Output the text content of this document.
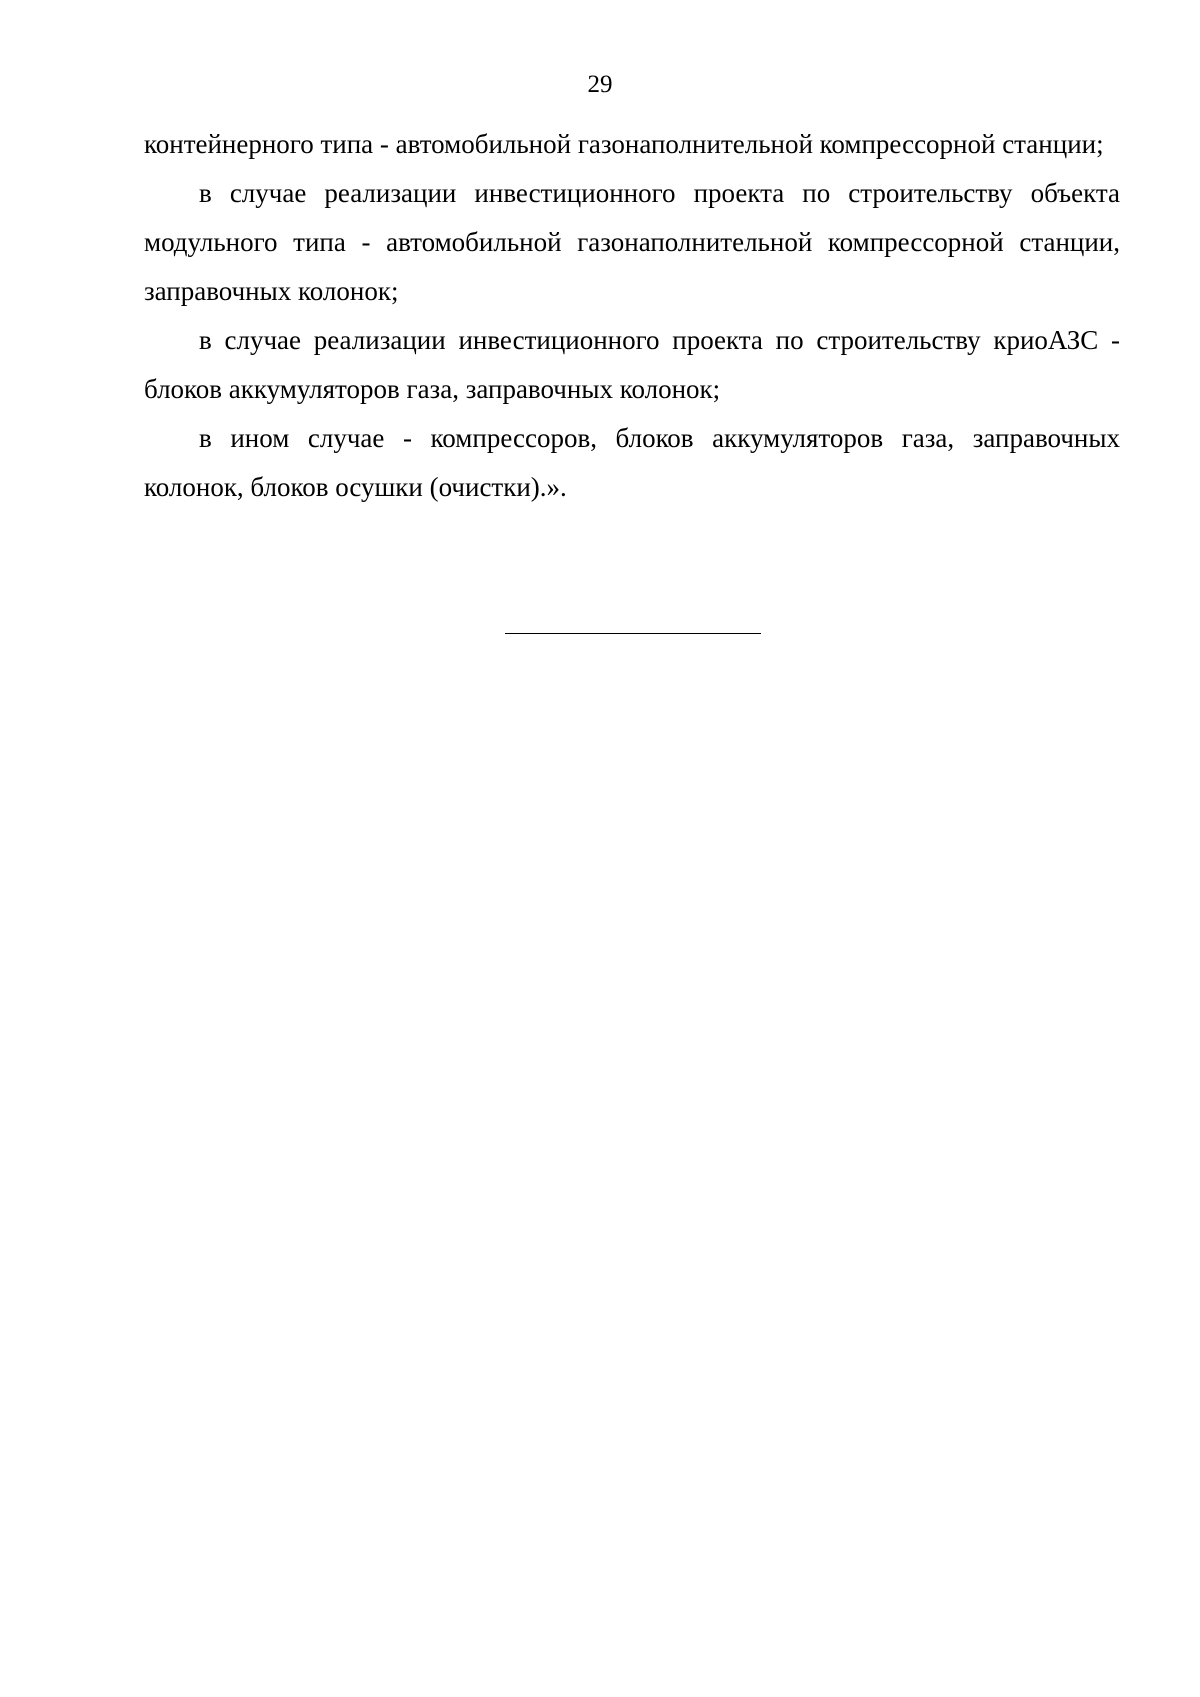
29

контейнерного типа - автомобильной газонаполнительной компрессорной станции;

в случае реализации инвестиционного проекта по строительству объекта модульного типа - автомобильной газонаполнительной компрессорной станции, заправочных колонок;

в случае реализации инвестиционного проекта по строительству криоАЗС - блоков аккумуляторов газа, заправочных колонок;

в ином случае - компрессоров, блоков аккумуляторов газа, заправочных колонок, блоков осушки (очистки).».
